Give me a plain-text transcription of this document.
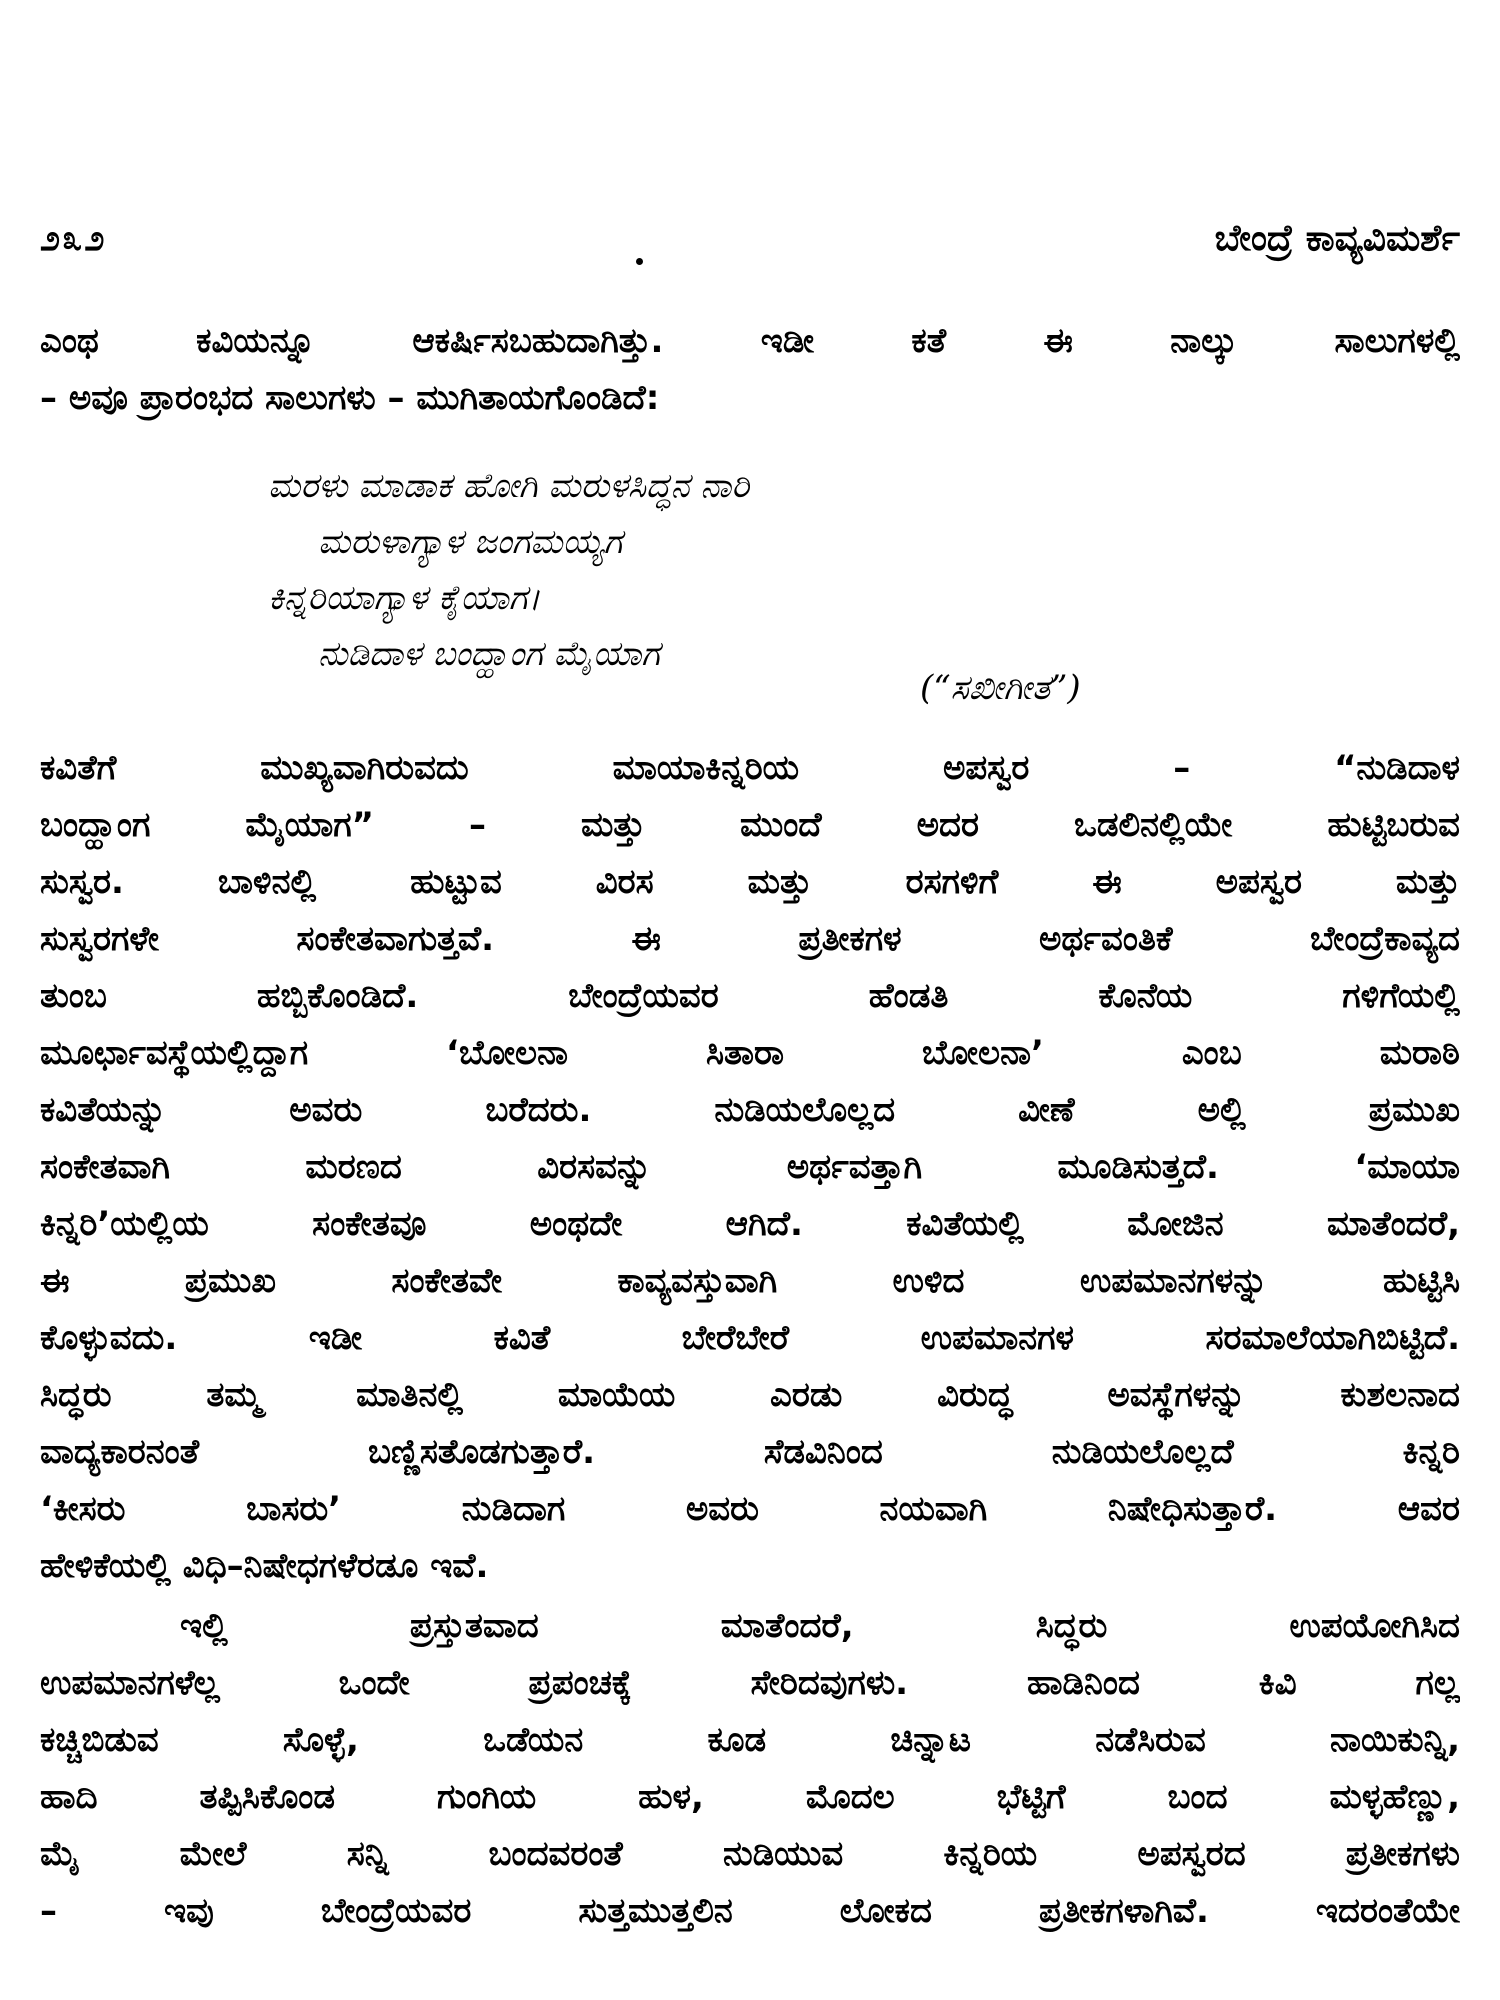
೨೩೨	ಬೇಂದ್ರೆ ಕಾವ್ಯವಿಮರ್ಶೆ

ಎಂಥ ಕವಿಯನ್ನೂ ಆಕರ್ಷಿಸಬಹುದಾಗಿತ್ತು. ಇಡೀ ಕತೆ ಈ ನಾಲ್ಕು ಸಾಲುಗಳಲ್ಲಿ
– ಅವೂ ಪ್ರಾರಂಭದ ಸಾಲುಗಳು – ಮುಗಿತಾಯಗೊಂಡಿದೆ:

ಮರಳು ಮಾಡಾಕ ಹೋಗಿ ಮರುಳಸಿದ್ಧನ ನಾರಿ
ಮರುಳಾಗ್ಯಾಳ ಜಂಗಮಯ್ಯಗ
ಕಿನ್ನರಿಯಾಗ್ಯಾಳ ಕೈಯಾಗ।
ನುಡಿದಾಳ ಬಂದ್ಹಾಂಗ ಮೈಯಾಗ
(“ಸಖೀಗೀತ”)

ಕವಿತೆಗೆ ಮುಖ್ಯವಾಗಿರುವದು ಮಾಯಾಕಿನ್ನರಿಯ ಅಪಸ್ವರ – “ನುಡಿದಾಳ
ಬಂದ್ಹಾಂಗ ಮೈಯಾಗ” – ಮತ್ತು ಮುಂದೆ ಅದರ ಒಡಲಿನಲ್ಲಿಯೇ ಹುಟ್ಟಿಬರುವ
ಸುಸ್ವರ. ಬಾಳಿನಲ್ಲಿ ಹುಟ್ಟುವ ವಿರಸ ಮತ್ತು ರಸಗಳಿಗೆ ಈ ಅಪಸ್ವರ ಮತ್ತು
ಸುಸ್ವರಗಳೇ ಸಂಕೇತವಾಗುತ್ತವೆ. ಈ ಪ್ರತೀಕಗಳ ಅರ್ಥವಂತಿಕೆ ಬೇಂದ್ರೆಕಾವ್ಯದ
ತುಂಬ ಹಬ್ಬಿಕೊಂಡಿದೆ. ಬೇಂದ್ರೆಯವರ ಹೆಂಡತಿ ಕೊನೆಯ ಗಳಿಗೆಯಲ್ಲಿ
ಮೂರ್ಛಾವಸ್ಥೆಯಲ್ಲಿದ್ದಾಗ ‘ಬೋಲನಾ ಸಿತಾರಾ ಬೋಲನಾ’ ಎಂಬ ಮರಾಠಿ
ಕವಿತೆಯನ್ನು ಅವರು ಬರೆದರು. ನುಡಿಯಲೊಲ್ಲದ ವೀಣೆ ಅಲ್ಲಿ ಪ್ರಮುಖ
ಸಂಕೇತವಾಗಿ ಮರಣದ ವಿರಸವನ್ನು ಅರ್ಥವತ್ತಾಗಿ ಮೂಡಿಸುತ್ತದೆ. ‘ಮಾಯಾ
ಕಿನ್ನರಿ’ಯಲ್ಲಿಯ ಸಂಕೇತವೂ ಅಂಥದೇ ಆಗಿದೆ. ಕವಿತೆಯಲ್ಲಿ ಮೋಜಿನ ಮಾತೆಂದರೆ,
ಈ ಪ್ರಮುಖ ಸಂಕೇತವೇ ಕಾವ್ಯವಸ್ತುವಾಗಿ ಉಳಿದ ಉಪಮಾನಗಳನ್ನು ಹುಟ್ಟಿಸಿ
ಕೊಳ್ಳುವದು. ಇಡೀ ಕವಿತೆ ಬೇರೆಬೇರೆ ಉಪಮಾನಗಳ ಸರಮಾಲೆಯಾಗಿಬಿಟ್ಟಿದೆ.
ಸಿದ್ಧರು ತಮ್ಮ ಮಾತಿನಲ್ಲಿ ಮಾಯೆಯ ಎರಡು ವಿರುದ್ಧ ಅವಸ್ಥೆಗಳನ್ನು ಕುಶಲನಾದ
ವಾದ್ಯಕಾರನಂತೆ ಬಣ್ಣಿಸತೊಡಗುತ್ತಾರೆ. ಸೆಡವಿನಿಂದ ನುಡಿಯಲೊಲ್ಲದೆ ಕಿನ್ನರಿ
‘ಕೀಸರು ಬಾಸರು’ ನುಡಿದಾಗ ಅವರು ನಯವಾಗಿ ನಿಷೇಧಿಸುತ್ತಾರೆ. ಆವರ
ಹೇಳಿಕೆಯಲ್ಲಿ ವಿಧಿ–ನಿಷೇಧಗಳೆರಡೂ ಇವೆ.

ಇಲ್ಲಿ ಪ್ರಸ್ತುತವಾದ ಮಾತೆಂದರೆ, ಸಿದ್ಧರು ಉಪಯೋಗಿಸಿದ
ಉಪಮಾನಗಳೆಲ್ಲ ಒಂದೇ ಪ್ರಪಂಚಕ್ಕೆ ಸೇರಿದವುಗಳು. ಹಾಡಿನಿಂದ ಕಿವಿ ಗಲ್ಲ
ಕಚ್ಚಿಬಿಡುವ ಸೊಳ್ಳೆ, ಒಡೆಯನ ಕೂಡ ಚಿನ್ನಾಟ ನಡೆಸಿರುವ ನಾಯಿಕುನ್ನಿ,
ಹಾದಿ ತಪ್ಪಿಸಿಕೊಂಡ ಗುಂಗಿಯ ಹುಳ, ಮೊದಲ ಭೆಟ್ಟಿಗೆ ಬಂದ ಮಳ್ಳಹೆಣ್ಣು,
ಮೈ ಮೇಲೆ ಸನ್ನಿ ಬಂದವರಂತೆ ನುಡಿಯುವ ಕಿನ್ನರಿಯ ಅಪಸ್ವರದ ಪ್ರತೀಕಗಳು
– ಇವು ಬೇಂದ್ರೆಯವರ ಸುತ್ತಮುತ್ತಲಿನ ಲೋಕದ ಪ್ರತೀಕಗಳಾಗಿವೆ. ಇದರಂತೆಯೇ
